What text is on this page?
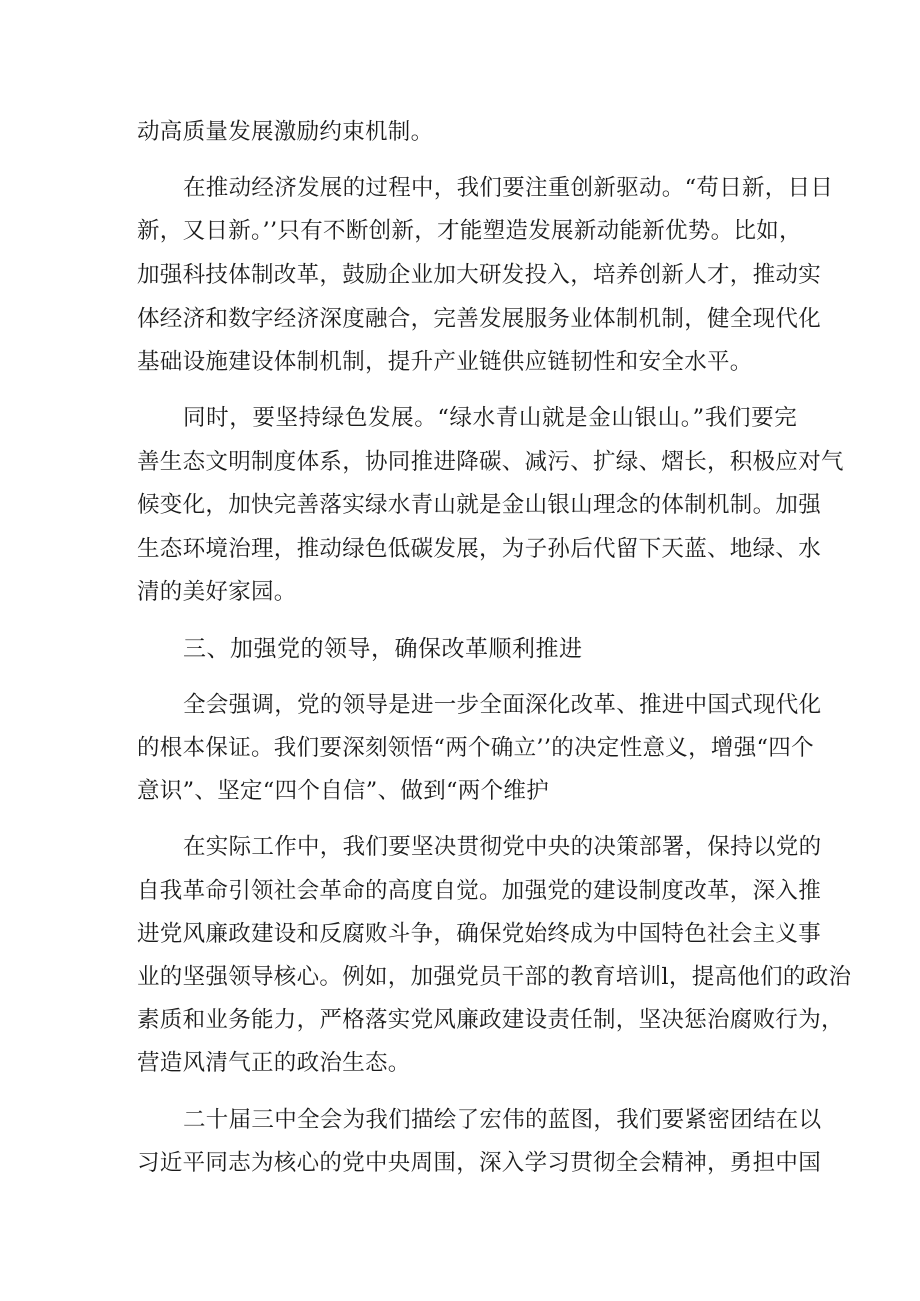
动高质量发展激励约束机制。
在推动经济发展的过程中，我们要注重创新驱动。“苟日新，日日
新，又日新。’’只有不断创新，才能塑造发展新动能新优势。比如，
加强科技体制改革，鼓励企业加大研发投入，培养创新人才，推动实
体经济和数字经济深度融合，完善发展服务业体制机制，健全现代化
基础设施建设体制机制，提升产业链供应链韧性和安全水平。
同时，要坚持绿色发展。“绿水青山就是金山银山。”我们要完
善生态文明制度体系，协同推进降碳、减污、扩绿、熠长，积极应对气
候变化，加快完善落实绿水青山就是金山银山理念的体制机制。加强
生态环境治理，推动绿色低碳发展，为子孙后代留下天蓝、地绿、水
清的美好家园。
三、加强党的领导，确保改革顺利推进
全会强调，党的领导是进一步全面深化改革、推进中国式现代化
的根本保证。我们要深刻领悟“两个确立’’的决定性意义，增强“四个
意识”、坚定“四个自信”、做到“两个维护
在实际工作中，我们要坚决贯彻党中央的决策部署，保持以党的
自我革命引领社会革命的高度自觉。加强党的建设制度改革，深入推
进党风廉政建设和反腐败斗争，确保党始终成为中国特色社会主义事
业的坚强领导核心。例如，加强党员干部的教育培训l，提高他们的政治
素质和业务能力，严格落实党风廉政建设责任制，坚决惩治腐败行为，
营造风清气正的政治生态。
二十届三中全会为我们描绘了宏伟的蓝图，我们要紧密团结在以
习近平同志为核心的党中央周围，深入学习贯彻全会精神，勇担中国
